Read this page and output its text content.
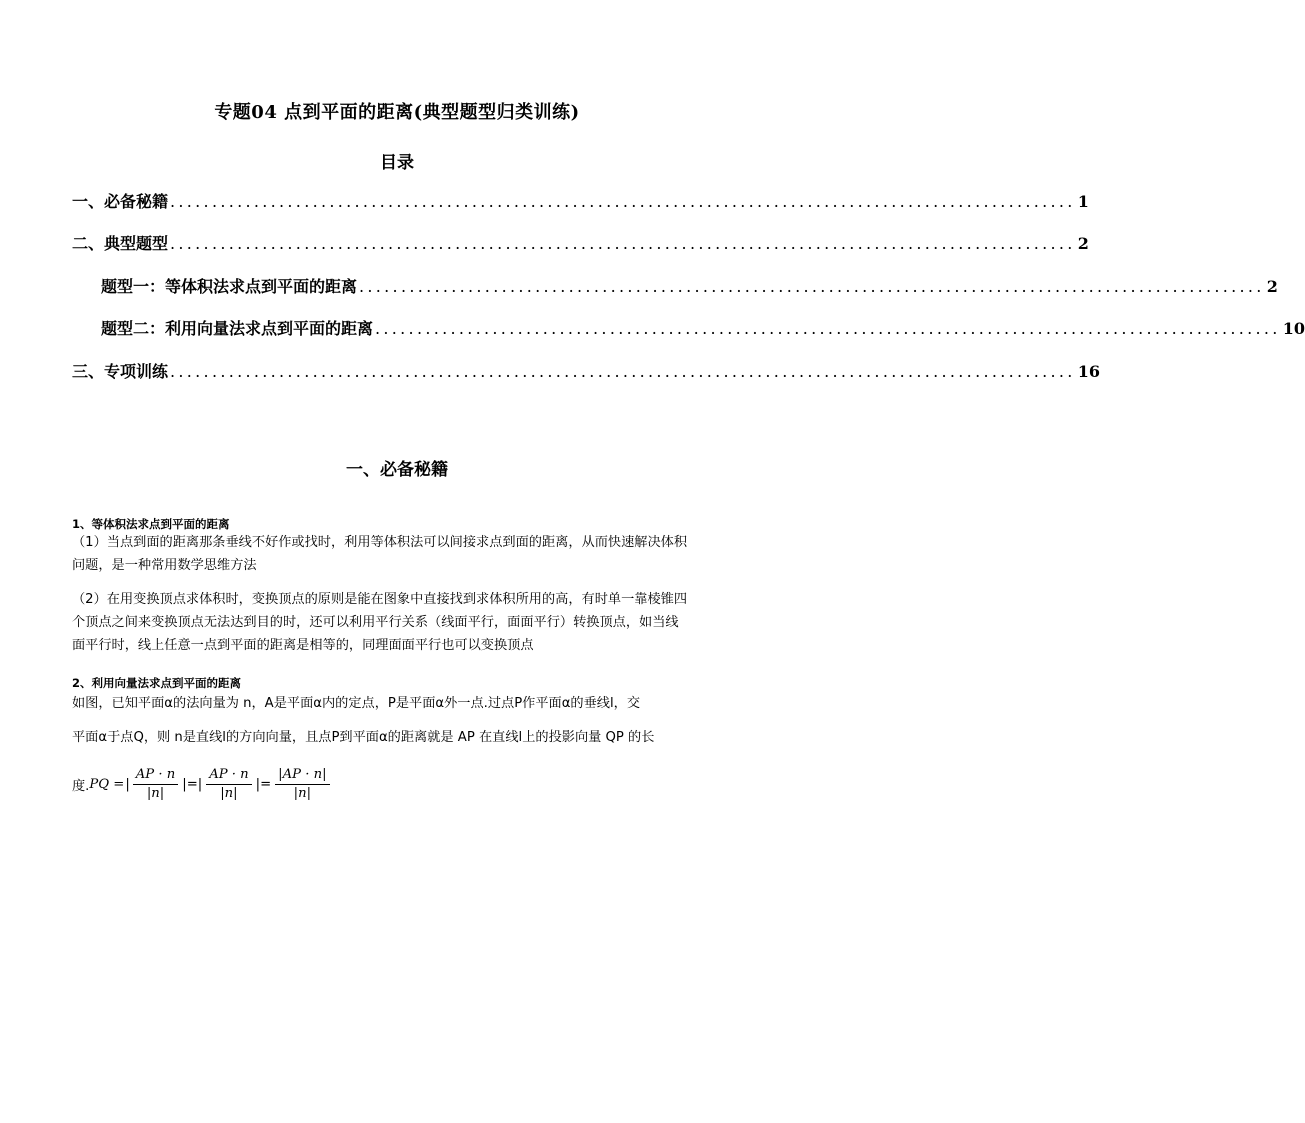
专题04 点到平面的距离(典型题型归类训练)
目录
一、必备秘籍 ............................................................................................................ 1
二、典型题型 ............................................................................................................ 2
题型一：等体积法求点到平面的距离 ............................................................................................................ 2
题型二：利用向量法求点到平面的距离 ............................................................................................................ 10
三、专项训练 ............................................................................................................ 16
一、必备秘籍
1、等体积法求点到平面的距离
（1）当点到面的距离那条垂线不好作或找时，利用等体积法可以间接求点到面的距离，从而快速解决体积
问题，是一种常用数学思维方法
（2）在用变换顶点求体积时，变换顶点的原则是能在图象中直接找到求体积所用的高，有时单一靠棱锥四
个顶点之间来变换顶点无法达到目的时，还可以利用平行关系（线面平行，面面平行）转换顶点，如当线
面平行时，线上任意一点到平面的距离是相等的，同理面面平行也可以变换顶点
2、利用向量法求点到平面的距离
如图，已知平面α的法向量为 n，A是平面α内的定点，P是平面α外一点.过点P作平面α的垂线l，交
平面α于点Q，则 n是直线l的方向向量，且点P到平面α的距离就是 AP 在直线l上的投影向量 QP 的长
度. PQ = | $\frac{AP \cdot n}{|n|}$ |=| $\frac{AP \cdot n}{|n|}$ |= $\frac{|AP \cdot n|}{|n|}$
